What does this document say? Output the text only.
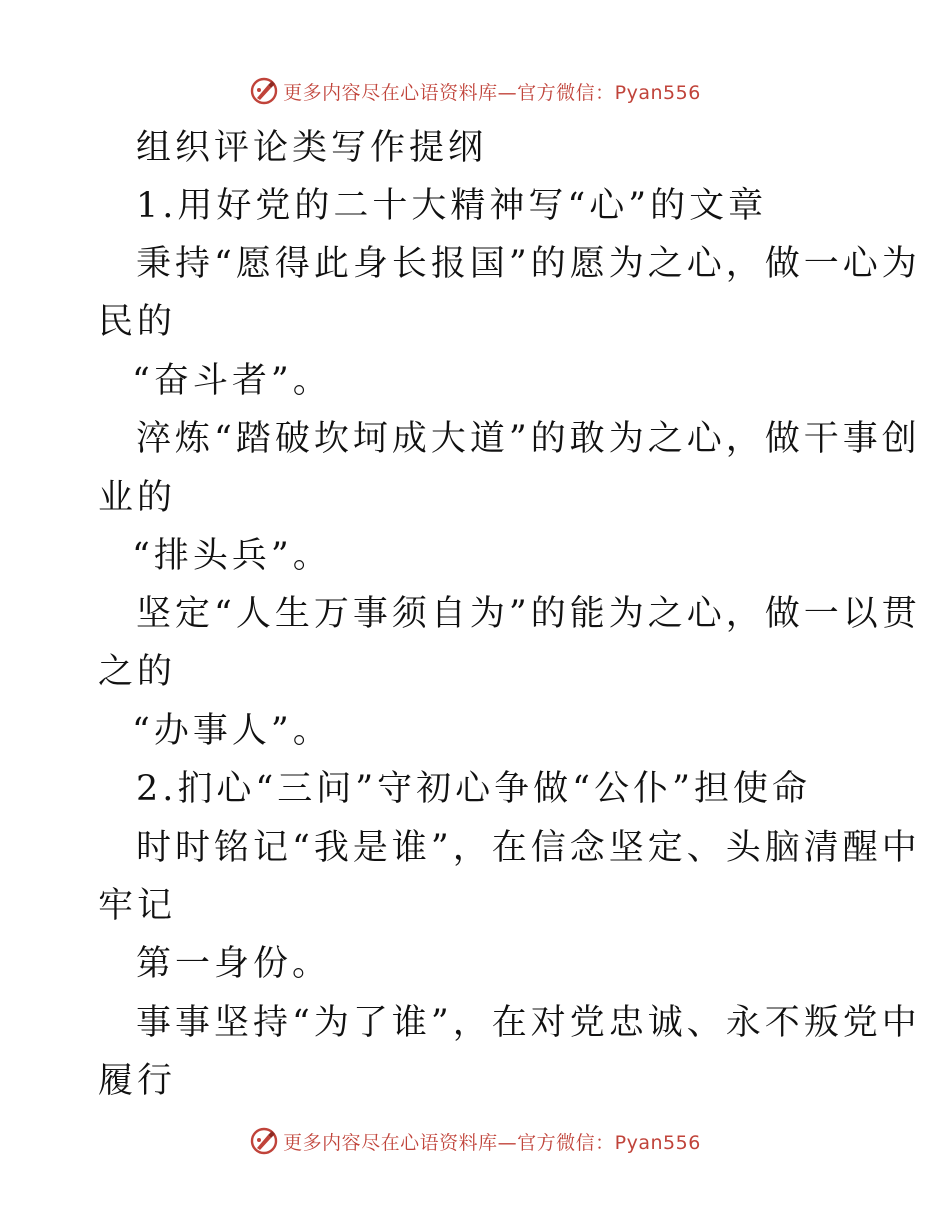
更多内容尽在心语资料库—官方微信：Pyan556
组织评论类写作提纲
1.用好党的二十大精神写“心”的文章
秉持“愿得此身长报国”的愿为之心，做一心为
民的
“奋斗者”。
淬炼“踏破坎坷成大道”的敢为之心，做干事创
业的
“排头兵”。
坚定“人生万事须自为”的能为之心，做一以贯
之的
“办事人”。
2.扪心“三问”守初心争做“公仆”担使命
时时铭记“我是谁”，在信念坚定、头脑清醒中
牢记
第一身份。
事事坚持“为了谁”，在对党忠诚、永不叛党中
履行
更多内容尽在心语资料库—官方微信：Pyan556
